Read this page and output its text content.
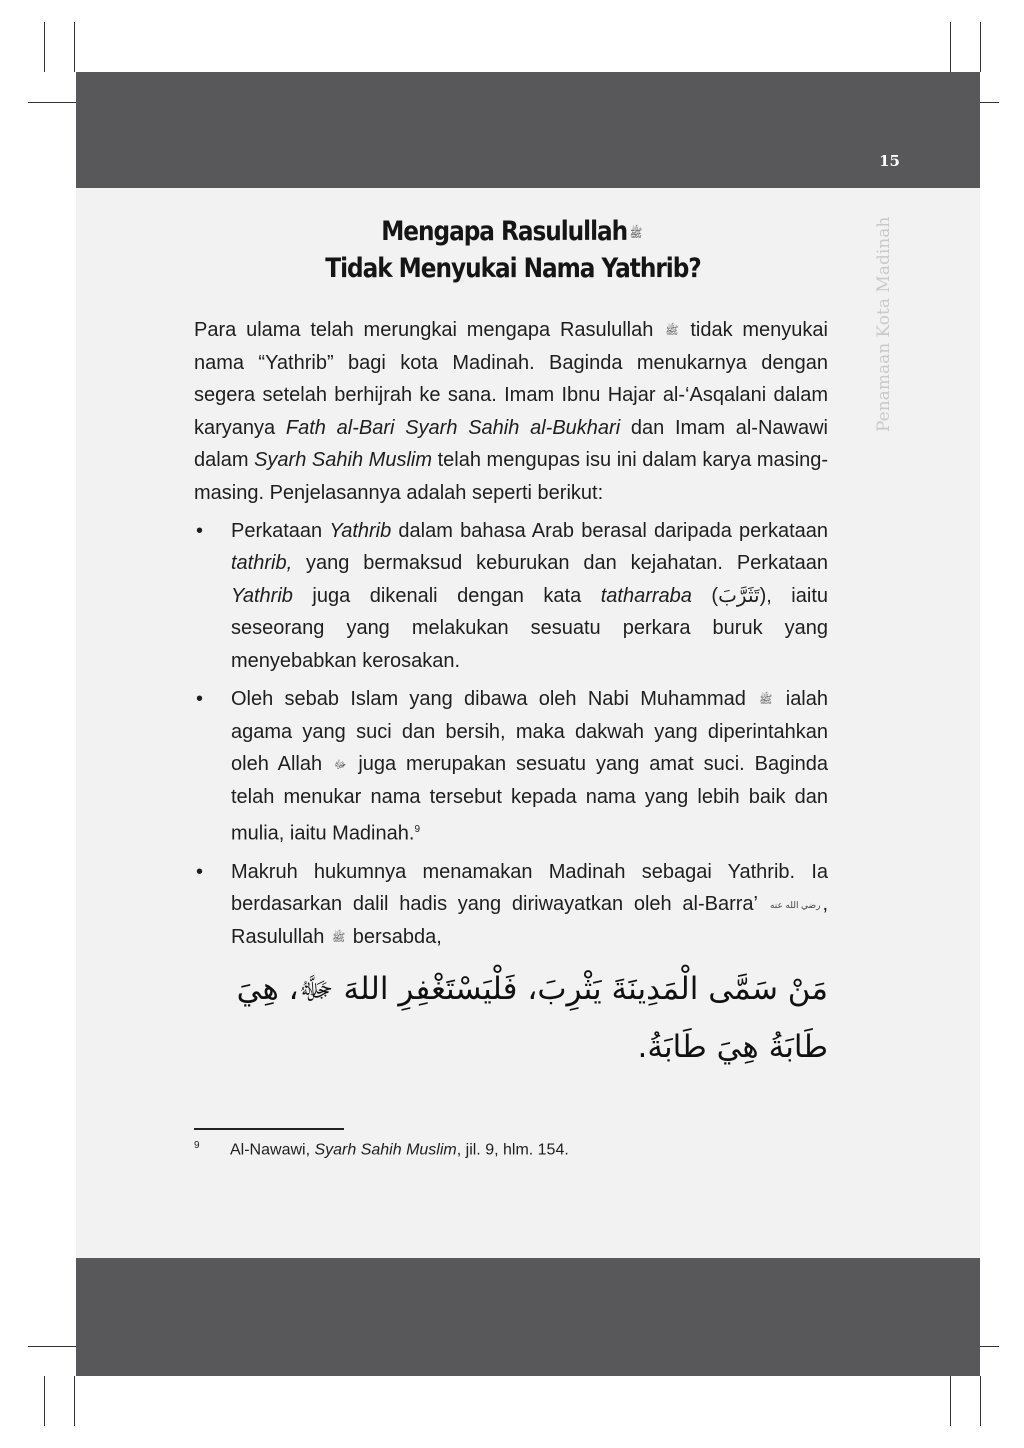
15
Penamaan Kota Madinah
Mengapa Rasulullah ﷺ
Tidak Menyukai Nama Yathrib?

Para ulama telah merungkai mengapa Rasulullah ﷺ tidak menyukai nama “Yathrib” bagi kota Madinah. Baginda menukarnya dengan segera setelah berhijrah ke sana. Imam Ibnu Hajar al-‘Asqalani dalam karyanya Fath al-Bari Syarh Sahih al-Bukhari dan Imam al-Nawawi dalam Syarh Sahih Muslim telah mengupas isu ini dalam karya masing-masing. Penjelasannya adalah seperti berikut:

• Perkataan Yathrib dalam bahasa Arab berasal daripada perkataan tathrib, yang bermaksud keburukan dan kejahatan. Perkataan Yathrib juga dikenali dengan kata tatharraba (تَثَرَّبَ), iaitu seseorang yang melakukan sesuatu perkara buruk yang menyebabkan kerosakan.
• Oleh sebab Islam yang dibawa oleh Nabi Muhammad ﷺ ialah agama yang suci dan bersih, maka dakwah yang diperintahkan oleh Allah ﷻ juga merupakan sesuatu yang amat suci. Baginda telah menukar nama tersebut kepada nama yang lebih baik dan mulia, iaitu Madinah.$^9$
• Makruh hukumnya menamakan Madinah sebagai Yathrib. Ia berdasarkan dalil hadis yang diriwayatkan oleh al-Barra’ رضي الله عنه , Rasulullah ﷺ bersabda,
مَنْ سَمَّى الْمَدِينَةَ يَثْرِبَ، فَلْيَسْتَغْفِرِ اللهَ ﷻ، هِيَ طَابَةُ هِيَ طَابَةُ.
9 Al-Nawawi, Syarh Sahih Muslim, jil. 9, hlm. 154.
